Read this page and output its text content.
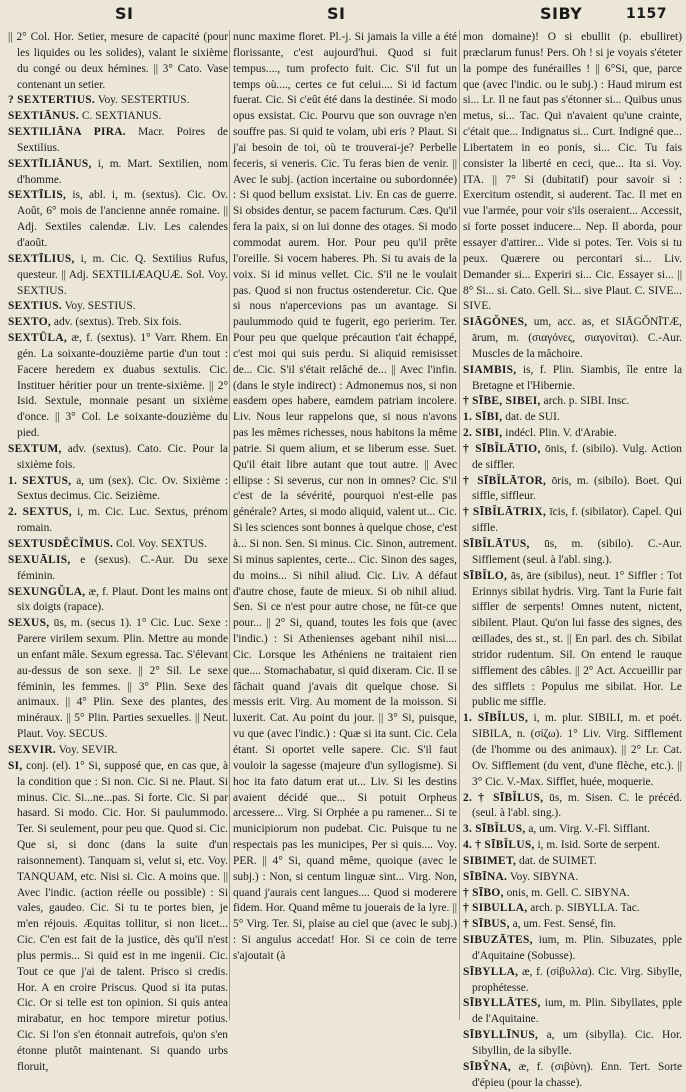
SI	SI	SIBY	1157

|| 2° Col. Hor. Setier, mesure de capacité (pour les liquides ou les solides), valant le sixième du congé ou deux hémines. || 3° Cato. Vase contenant un setier.

? SEXTERTIUS. Voy. SESTERTIUS.

SEXTIĀNUS. C. SEXTIANUS.

SEXTILIĀNA PIRA. Macr. Poires de Sextilius.

SEXTĪLIĀNUS, i, m. Mart. Sextilien, nom d'homme.

SEXTĪLIS, is, abl. i, m. (sextus). Cic. Ov. Août, 6° mois de l'ancienne année romaine. || Adj. Sextiles calendæ. Liv. Les calendes d'août.

SEXTĪLIUS, i, m. Cic. Q. Sextilius Rufus, questeur. || Adj. SEXTILIÆAQUÆ. Sol. Voy. SEXTIUS.

SEXTIUS. Voy. SESTIUS.

SEXTO, adv. (sextus). Treb. Six fois.

SEXTŪLA, æ, f. (sextus). 1° Varr. Rhem. En gén. La soixante-douzième partie d'un tout : Facere heredem ex duabus sextulis. Cic. Instituer héritier pour un trente-sixième. || 2° Isid. Sextule, monnaie pesant un sixième d'once. || 3° Col. Le soixante-douzième du pied.

SEXTUM, adv. (sextus). Cato. Cic. Pour la sixième fois.

1. SEXTUS, a, um (sex). Cic. Ov. Sixième : Sextus decimus. Cic. Seizième.

2. SEXTUS, i, m. Cic. Luc. Sextus, prénom romain.

SEXTUSDĔCĬMUS. Col. Voy. SEXTUS.

SEXUĀLIS, e (sexus). C.-Aur. Du sexe féminin.

SEXUNGŬLA, æ, f. Plaut. Dont les mains ont six doigts (rapace).

SEXUS, ūs, m. (secus 1). 1° Cic. Luc. Sexe : Parere virilem sexum. Plin. Mettre au monde un enfant mâle. Sexum egressa. Tac. S'élevant au-dessus de son sexe. || 2° Sil. Le sexe féminin, les femmes. || 3° Plin. Sexe des animaux. || 4° Plin. Sexe des plantes, des minéraux. || 5° Plin. Parties sexuelles. || Neut. Plaut. Voy. SECUS.

SEXVIR. Voy. SEVIR.

SI, conj. (el). 1° Si, supposé que, en cas que, à la condition que : Si non. Cic. Si ne. Plaut. Si minus. Cic. Si...ne...pas. Si forte. Cic. Si par hasard. Si modo. Cic. Hor. Si paulummodo. Ter. Si seulement, pour peu que. Quod si. Cic. Que si, si donc (dans la suite d'un raisonnement). Tanquam si, velut si, etc. Voy. TANQUAM, etc. Nisi si. Cic. A moins que. || Avec l'indic. (action réelle ou possible) : Si vales, gaudeo. Cic. Si tu te portes bien, je m'en réjouis. Æquitas tollitur, si non licet... Cic. C'en est fait de la justice, dès qu'il n'est plus permis... Si quid est in me ingenii. Cic. Tout ce que j'ai de talent. Prisco si credis. Hor. A en croire Priscus. Quod si ita putas. Cic. Or si telle est ton opinion. Si quis antea mirabatur, en hoc tempore miretur potius. Cic. Si l'on s'en étonnait autrefois, qu'on s'en étonne plutôt maintenant. Si quando urbs floruit,

nunc maxime floret. Pl.-j. Si jamais la ville a été florissante, c'est aujourd'hui. Quod si fuit tempus...., tum profecto fuit. Cic. S'il fut un temps où...., certes ce fut celui.... Si id factum fuerat. Cic. Si c'eût été dans la destinée. Si modo opus exsistat. Cic. Pourvu que son ouvrage n'en souffre pas. Si quid te volam, ubi eris ? Plaut. Si j'ai besoin de toi, où te trouverai-je? Perbelle feceris, si veneris. Cic. Tu feras bien de venir. || Avec le subj. (action incertaine ou subordonnée) : Si quod bellum exsistat. Liv. En cas de guerre. Si obsides dentur, se pacem facturum. Cæs. Qu'il fera la paix, si on lui donne des otages. Si modo commodat aurem. Hor. Pour peu qu'il prête l'oreille. Si vocem haberes. Ph. Si tu avais de la voix. Si id minus vellet. Cic. S'il ne le voulait pas. Quod si non fructus ostenderetur. Cic. Que si nous n'apercevions pas un avantage. Si paulummodo quid te fugerit, ego perierim. Ter. Pour peu que quelque précaution t'ait échappé, c'est moi qui suis perdu. Si aliquid remisisset de... Cic. S'il s'était relâché de... || Avec l'infin. (dans le style indirect) : Admonemus nos, si non easdem opes habere, eamdem patriam incolere. Liv. Nous leur rappelons que, si nous n'avons pas les mêmes richesses, nous habitons la même patrie. Si quem alium, et se liberum esse. Suet. Qu'il était libre autant que tout autre. || Avec ellipse : Si severus, cur non in omnes? Cic. S'il c'est de la sévérité, pourquoi n'est-elle pas générale? Artes, si modo aliquid, valent ut... Cic. Si les sciences sont bonnes à quelque chose, c'est à... Si non. Sen. Si minus. Cic. Sinon, autrement. Si minus sapientes, certe... Cic. Sinon des sages, du moins... Si nihil aliud. Cic. Liv. A défaut d'autre chose, faute de mieux. Si ob nihil aliud. Sen. Si ce n'est pour autre chose, ne fût-ce que pour... || 2° Si, quand, toutes les fois que (avec l'indic.) : Si Athenienses agebant nihil nisi.... Cic. Lorsque les Athéniens ne traitaient rien que.... Stomachabatur, si quid dixeram. Cic. Il se fâchait quand j'avais dit quelque chose. Si messis erit. Virg. Au moment de la moisson. Si luxerit. Cat. Au point du jour. || 3° Si, puisque, vu que (avec l'indic.) : Quæ si ita sunt. Cic. Cela étant. Si oportet velle sapere. Cic. S'il faut vouloir la sagesse (majeure d'un syllogisme). Si hoc ita fato datum erat ut... Liv. Si les destins avaient décidé que... Si potuit Orpheus arcessere... Virg. Si Orphée a pu ramener... Si te municipiorum non pudebat. Cic. Puisque tu ne respectais pas les municipes, Per si quis.... Voy. PER. || 4° Si, quand même, quoique (avec le subj.) : Non, si centum linguæ sint... Virg. Non, quand j'aurais cent langues.... Quod si moderere fidem. Hor. Quand même tu jouerais de la lyre. || 5° Virg. Ter. Si, plaise au ciel que (avec le subj.) : Si angulus accedat! Hor. Si ce coin de terre s'ajoutait (à

mon domaine)! O si ebullit (p. ebulliret) præclarum funus! Pers. Oh ! si je voyais s'éteter la pompe des funérailles ! || 6°Si, que, parce que (avec l'indic. ou le subj.) : Haud mirum est si... Lr. Il ne faut pas s'étonner si... Quibus unus metus, si... Tac. Qui n'avaient qu'une crainte, c'était que... Indignatus si... Curt. Indigné que... Libertatem in eo ponis, si... Cic. Tu fais consister la liberté en ceci, que... Ita si. Voy. ITA. || 7° Si (dubitatif) pour savoir si : Exercitum ostendit, si auderent. Tac. Il met en vue l'armée, pour voir s'ils oseraient... Accessit, si forte posset inducere... Nep. Il aborda, pour essayer d'attirer... Vide si potes. Ter. Vois si tu peux. Quærere ou percontari si... Liv. Demander si... Experiri si... Cic. Essayer si... || 8° Si... si. Cato. Gell. Si... sive Plaut. C. SIVE... SIVE.

SIĀGŎNES, um, acc. as, et SIĀGŎNĪTÆ, ārum, m. (σιαγόνες, σιαγονίται). C.-Aur. Muscles de la mâchoire.

SIAMBIS, is, f. Plin. Siambis, île entre la Bretagne et l'Hibernie.

† SĪBE, SIBEI, arch. p. SIBI. Insc.

1. SĪBI, dat. de SUI.

2. SIBI, indécl. Plin. V. d'Arabie.

† SĪBĬLĀTIO, ōnis, f. (sibilo). Vulg. Action de siffler.

† SĪBĬLĀTOR, ōris, m. (sibilo). Boet. Qui siffle, siffleur.

† SĪBĬLĀTRIX, īcis, f. (sibilator). Capel. Qui siffle.

SĪBĬLĀTUS, ūs, m. (sibilo). C.-Aur. Sifflement (seul. à l'abl. sing.).

SĪBĬLO, ās, āre (sibilus), neut. 1° Siffler : Tot Erinnys sibilat hydris. Virg. Tant la Furie fait siffler de serpents! Omnes nutent, nictent, sibilent. Plaut. Qu'on lui fasse des signes, des œillades, des st., st. || En parl. des ch. Sibilat stridor rudentum. Sil. On entend le rauque sifflement des câbles. || 2° Act. Accueillir par des sifflets : Populus me sibilat. Hor. Le public me siffle.

1. SĪBĬLUS, i, m. plur. SIBILI, m. et poét. SIBILA, n. (σίζω). 1° Liv. Virg. Sifflement (de l'homme ou des animaux). || 2° Lr. Cat. Ov. Sifflement (du vent, d'une flèche, etc.). || 3° Cic. V.-Max. Sifflet, huée, moquerie.

2. † SĪBĬLUS, ūs, m. Sisen. C. le précéd. (seul. à l'abl. sing.).

3. SĪBĬLUS, a, um. Virg. V.-Fl. Sifflant.

4. † SĪBĬLUS, i, m. Isid. Sorte de serpent.

SIBIMET, dat. de SUIMET.

SĪBĪNA. Voy. SIBYNA.

† SĪBO, onis, m. Gell. C. SIBYNA.

† SIBULLA, arch. p. SIBYLLA. Tac.

† SĪBUS, a, um. Fest. Sensé, fin.

SIBUZĀTES, ium, m. Plin. Sibuzates, pple d'Aquitaine (Sobusse).

SĪBYLLA, æ, f. (σίβυλλα). Cic. Virg. Sibylle, prophétesse.

SĪBYLLĀTES, ium, m. Plin. Sibyllates, pple de l'Aquitaine.

SĪBYLLĪNUS, a, um (sibylla). Cic. Hor. Sibyllin, de la sibylle.

SĪBŶNA, æ, f. (σιβύνη). Enn. Tert. Sorte d'épieu (pour la chasse).
